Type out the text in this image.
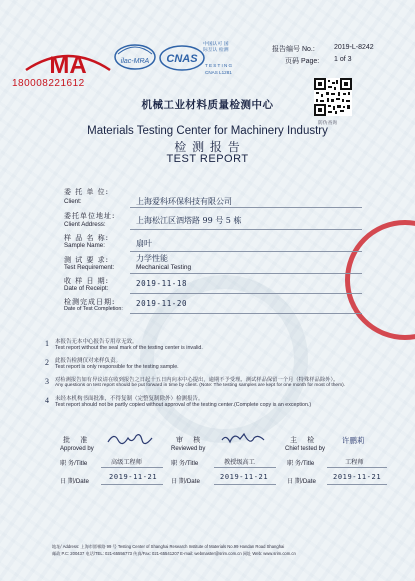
MA
180008221612
ilac-MRA CNAS
中国认可 国际互认 检测
TESTING
CNAS L1281
报告编号 No.:	2019-L-8242
页码 Page: 1 of 3
防伪查询
机械工业材料质量检测中心
Materials Testing Center for Machinery Industry
检 测 报 告
TEST REPORT
委 托 单 位:
Client:	上海爱科环保科技有限公司
委托单位地址:
Client Address:	上海松江区泗塔路 99 号 5 栋
样 品 名 称:
Sample Name:	扇叶
测 试 要 求:
Test Requirement:
力学性能
Mechanical Testing
收 样 日 期:
Date of Receipt:
2019-11-18
检测完成日期:
Date of Test Completion:
2019-11-20
1 本报告无本中心报告专用章无效。
Test report without the seal mark of the testing center is invalid.
2 此报告检测仅对来样负责。
Test report is only responsible for the testing sample.
3 对检测报告如有异议请在收到报告之日起十五日内向本中心提出，逾期不予受理。测试样品保留一个月（特殊样品除外）。
Any questions on test report should be put forward in time by client. (Note: The testing samples are kept for one month for most of them).
4 未经本机构书面批准，不得复制（完整复制除外）检测报告。
Test report should not be partly copied without approval of the testing center.(Complete copy is an exception.)
批 准
Approved by
职 务/Title	高级工程师
日 期/Date
2019-11-21
审 核
Reviewed by
职 务/Title	教授级高工
日 期/Date
2019-11-21
主 检
Chief tested by
许鹏莉
职 务/Title	工程师
日 期/Date
2019-11-21
地址/ Address: 上海市邯郸路 99 号 Testing Center of Shanghai Research Institute of Materials No.99 Handan Road Shanghai
邮政 P.C: 200437 电话/TEL: 021-65556773 传真/Fax: 021-65541207 E-mail: webmaster@srim.com.cn 网址 Web: www.srim.com.cn
